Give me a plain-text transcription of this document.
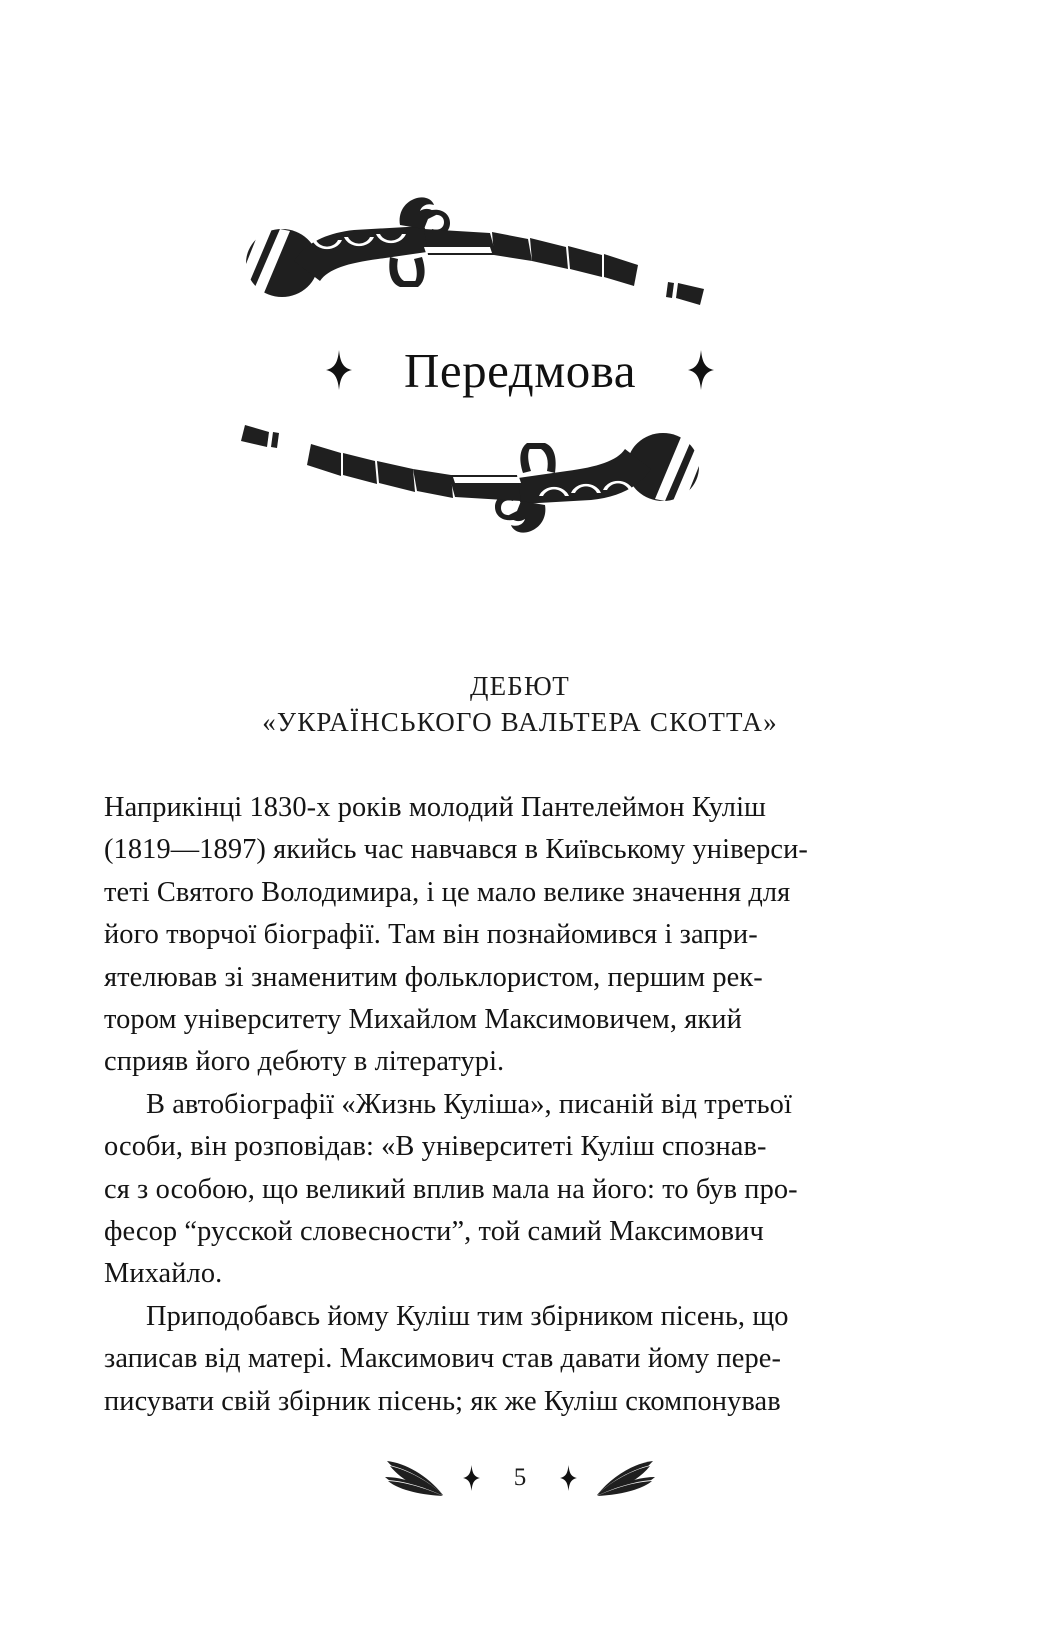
Передмова
ДЕБЮТ
«УКРАЇНСЬКОГО ВАЛЬТЕРА СКОТТА»
Наприкінці 1830-х років молодий Пантелеймон Куліш
(1819—1897) якийсь час навчався в Київському універси-
теті Святого Володимира, і це мало велике значення для
його творчої біографії. Там він познайомився і запри-
ятелював зі знаменитим фольклористом, першим рек-
тором університету Михайлом Максимовичем, який
сприяв його дебюту в літературі.
В автобіографії «Жизнь Куліша», писаній від третьої
особи, він розповідав: «В університеті Куліш спознав-
ся з особою, що великий вплив мала на його: то був про-
фесор “русской словесности”, той самий Максимович
Михайло.
Приподобавсь йому Куліш тим збірником пісень, що
записав від матері. Максимович став давати йому пере-
писувати свій збірник пісень; як же Куліш скомпонував
5
